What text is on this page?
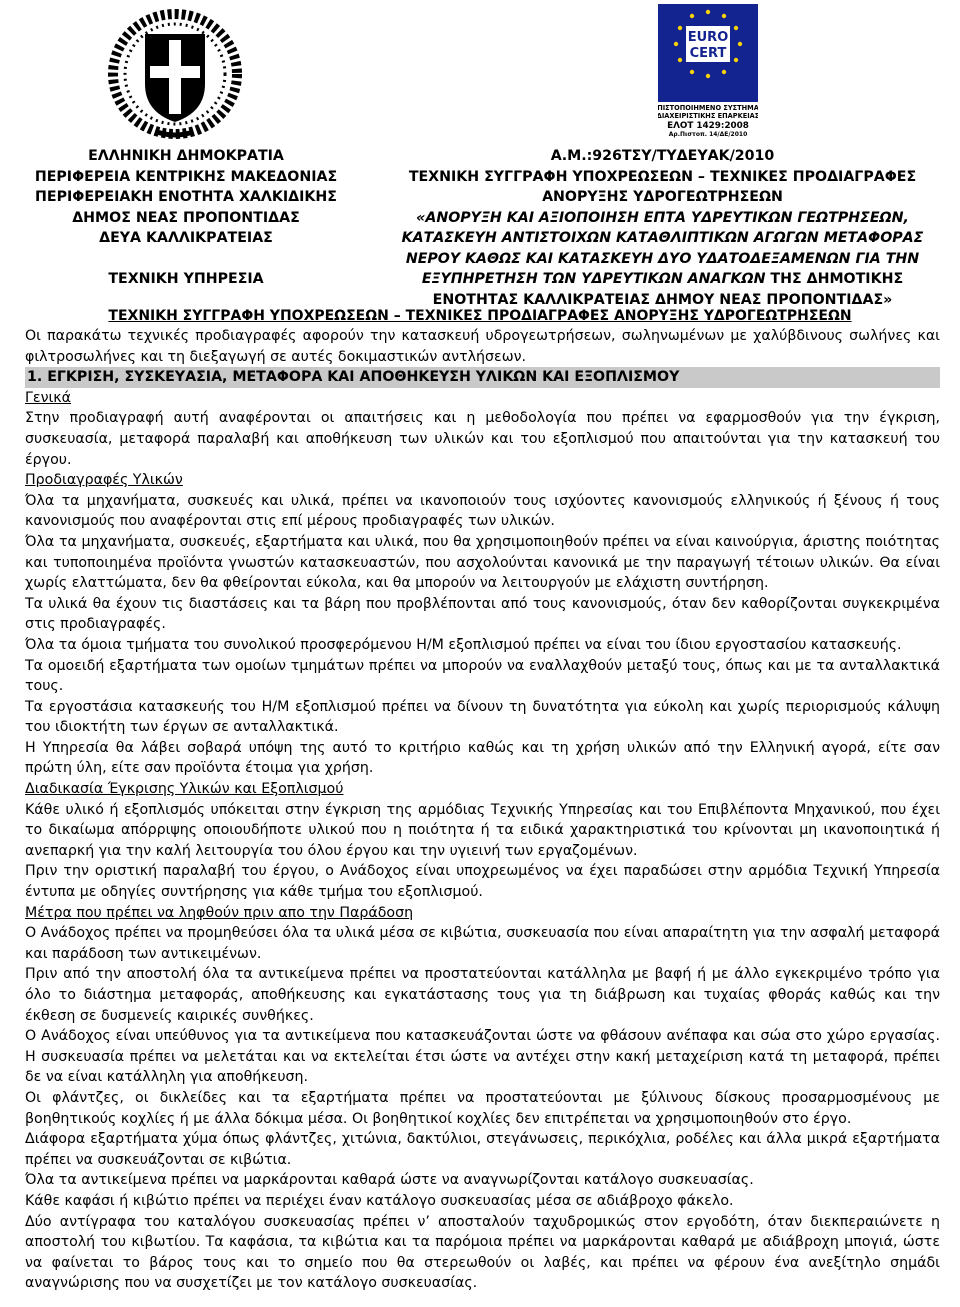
EURO
CERT
ΠΙΣΤΟΠΟΙΗΜΕΝΟ ΣΥΣΤΗΜΑ
ΔΙΑΧΕΙΡΙΣΤΙΚΗΣ ΕΠΑΡΚΕΙΑΣ
ΕΛΟΤ 1429:2008
Αρ.Πιστοπ. 14/ΔΕ/2010
ΕΛΛΗΝΙΚΗ ΔΗΜΟΚΡΑΤΙΑ
ΠΕΡΙΦΕΡΕΙΑ ΚΕΝΤΡΙΚΗΣ ΜΑΚΕΔΟΝΙΑΣ
ΠΕΡΙΦΕΡΕΙΑΚΗ ΕΝΟΤΗΤΑ ΧΑΛΚΙΔΙΚΗΣ
ΔΗΜΟΣ ΝΕΑΣ ΠΡΟΠΟΝΤΙΔΑΣ
ΔΕΥΑ ΚΑΛΛΙΚΡΑΤΕΙΑΣ
ΤΕΧΝΙΚΗ ΥΠΗΡΕΣΙΑ
Α.Μ.:926ΤΣΥ/ΤΥΔΕΥΑΚ/2010
ΤΕΧΝΙΚΗ ΣΥΓΓΡΑΦΗ ΥΠΟΧΡΕΩΣΕΩΝ – ΤΕΧΝΙΚΕΣ ΠΡΟΔΙΑΓΡΑΦΕΣ
ΑΝΟΡΥΞΗΣ ΥΔΡΟΓΕΩΤΡΗΣΕΩΝ
«ΑΝΟΡΥΞΗ ΚΑΙ ΑΞΙΟΠΟΙΗΣΗ ΕΠΤΑ ΥΔΡΕΥΤΙΚΩΝ ΓΕΩΤΡΗΣΕΩΝ,
ΚΑΤΑΣΚΕΥΗ ΑΝΤΙΣΤΟΙΧΩΝ ΚΑΤΑΘΛΙΠΤΙΚΩΝ ΑΓΩΓΩΝ ΜΕΤΑΦΟΡΑΣ
ΝΕΡΟΥ ΚΑΘΩΣ ΚΑΙ ΚΑΤΑΣΚΕΥΗ ΔΥΟ ΥΔΑΤΟΔΕΞΑΜΕΝΩΝ ΓΙΑ ΤΗΝ
ΕΞΥΠΗΡΕΤΗΣΗ ΤΩΝ ΥΔΡΕΥΤΙΚΩΝ ΑΝΑΓΚΩΝ ΤΗΣ ΔΗΜΟΤΙΚΗΣ
ΕΝΟΤΗΤΑΣ ΚΑΛΛΙΚΡΑΤΕΙΑΣ ΔΗΜΟΥ ΝΕΑΣ ΠΡΟΠΟΝΤΙΔΑΣ»
ΤΕΧΝΙΚΗ ΣΥΓΓΡΑΦΗ ΥΠΟΧΡΕΩΣΕΩΝ – ΤΕΧΝΙΚΕΣ ΠΡΟΔΙΑΓΡΑΦΕΣ ΑΝΟΡΥΞΗΣ ΥΔΡΟΓΕΩΤΡΗΣΕΩΝ

Οι παρακάτω τεχνικές προδιαγραφές αφορούν την κατασκευή υδρογεωτρήσεων, σωληνωμένων με χαλύβδινους σωλήνες και φιλτροσωλήνες και τη διεξαγωγή σε αυτές δοκιμαστικών αντλήσεων.

1. ΕΓΚΡΙΣΗ, ΣΥΣΚΕΥΑΣΙΑ, ΜΕΤΑΦΟΡΑ ΚΑΙ ΑΠΟΘΗΚΕΥΣΗ ΥΛΙΚΩΝ ΚΑΙ ΕΞΟΠΛΙΣΜΟΥ

Γενικά

Στην προδιαγραφή αυτή αναφέρονται οι απαιτήσεις και η μεθοδολογία που πρέπει να εφαρμοσθούν για την έγκριση, συσκευασία, μεταφορά παραλαβή και αποθήκευση των υλικών και του εξοπλισμού που απαιτούνται για την κατασκευή του έργου.

Προδιαγραφές Υλικών

Όλα τα μηχανήματα, συσκευές και υλικά, πρέπει να ικανοποιούν τους ισχύοντες κανονισμούς ελληνικούς ή ξένους ή τους κανονισμούς που αναφέρονται στις επί μέρους προδιαγραφές των υλικών.

Όλα τα μηχανήματα, συσκευές, εξαρτήματα και υλικά, που θα χρησιμοποιηθούν πρέπει να είναι καινούργια, άριστης ποιότητας και τυποποιημένα προϊόντα γνωστών κατασκευαστών, που ασχολούνται κανονικά με την παραγωγή τέτοιων υλικών. Θα είναι χωρίς ελαττώματα, δεν θα φθείρονται εύκολα, και θα μπορούν να λειτουργούν με ελάχιστη συντήρηση.

Τα υλικά θα έχουν τις διαστάσεις και τα βάρη που προβλέπονται από τους κανονισμούς, όταν δεν καθορίζονται συγκεκριμένα στις προδιαγραφές.

Όλα τα όμοια τμήματα του συνολικού προσφερόμενου Η/Μ εξοπλισμού πρέπει να είναι του ίδιου εργοστασίου κατασκευής.

Τα ομοειδή εξαρτήματα των ομοίων τμημάτων πρέπει να μπορούν να εναλλαχθούν μεταξύ τους, όπως και με τα ανταλλακτικά τους.

Τα εργοστάσια κατασκευής του Η/Μ εξοπλισμού πρέπει να δίνουν τη δυνατότητα για εύκολη και χωρίς περιορισμούς κάλυψη του ιδιοκτήτη των έργων σε ανταλλακτικά.

Η Υπηρεσία θα λάβει σοβαρά υπόψη της αυτό το κριτήριο καθώς και τη χρήση υλικών από την Ελληνική αγορά, είτε σαν πρώτη ύλη, είτε σαν προϊόντα έτοιμα για χρήση.

Διαδικασία Έγκρισης Υλικών και Εξοπλισμού

Κάθε υλικό ή εξοπλισμός υπόκειται στην έγκριση της αρμόδιας Τεχνικής Υπηρεσίας και του Επιβλέποντα Μηχανικού, που έχει το δικαίωμα απόρριψης οποιουδήποτε υλικού που η ποιότητα ή τα ειδικά χαρακτηριστικά του κρίνονται μη ικανοποιητικά ή ανεπαρκή για την καλή λειτουργία του όλου έργου και την υγιεινή των εργαζομένων.

Πριν την οριστική παραλαβή του έργου, ο Ανάδοχος είναι υποχρεωμένος να έχει παραδώσει στην αρμόδια Τεχνική Υπηρεσία έντυπα με οδηγίες συντήρησης για κάθε τμήμα του εξοπλισμού.

Μέτρα που πρέπει να ληφθούν πριν απο την Παράδοση

Ο Ανάδοχος πρέπει να προμηθεύσει όλα τα υλικά μέσα σε κιβώτια, συσκευασία που είναι απαραίτητη για την ασφαλή μεταφορά και παράδοση των αντικειμένων.

Πριν από την αποστολή όλα τα αντικείμενα πρέπει να προστατεύονται κατάλληλα με βαφή ή με άλλο εγκεκριμένο τρόπο για όλο το διάστημα μεταφοράς, αποθήκευσης και εγκατάστασης τους για τη διάβρωση και τυχαίας φθοράς καθώς και την έκθεση σε δυσμενείς καιρικές συνθήκες.

Ο Ανάδοχος είναι υπεύθυνος για τα αντικείμενα που κατασκευάζονται ώστε να φθάσουν ανέπαφα και σώα στο χώρο εργασίας. Η συσκευασία πρέπει να μελετάται και να εκτελείται έτσι ώστε να αντέχει στην κακή μεταχείριση κατά τη μεταφορά, πρέπει δε να είναι κατάλληλη για αποθήκευση.

Οι φλάντζες, οι δικλείδες και τα εξαρτήματα πρέπει να προστατεύονται με ξύλινους δίσκους προσαρμοσμένους με βοηθητικούς κοχλίες ή με άλλα δόκιμα μέσα. Οι βοηθητικοί κοχλίες δεν επιτρέπεται να χρησιμοποιηθούν στο έργο.

Διάφορα εξαρτήματα χύμα όπως φλάντζες, χιτώνια, δακτύλιοι, στεγάνωσεις, περικόχλια, ροδέλες και άλλα μικρά εξαρτήματα πρέπει να συσκευάζονται σε κιβώτια.

Όλα τα αντικείμενα πρέπει να μαρκάρονται καθαρά ώστε να αναγνωρίζονται κατάλογο συσκευασίας.

Κάθε καφάσι ή κιβώτιο πρέπει να περιέχει έναν κατάλογο συσκευασίας μέσα σε αδιάβροχο φάκελο.

Δύο αντίγραφα του καταλόγου συσκευασίας πρέπει ν’ αποσταλούν ταχυδρομικώς στον εργοδότη, όταν διεκπεραιώνετε η αποστολή του κιβωτίου. Τα καφάσια, τα κιβώτια και τα παρόμοια πρέπει να μαρκάρονται καθαρά με αδιάβροχη μπογιά, ώστε να φαίνεται το βάρος τους και το σημείο που θα στερεωθούν οι λαβές, και πρέπει να φέρουν ένα ανεξίτηλο σημάδι αναγνώρισης που να συσχετίζει με τον κατάλογο συσκευασίας.
